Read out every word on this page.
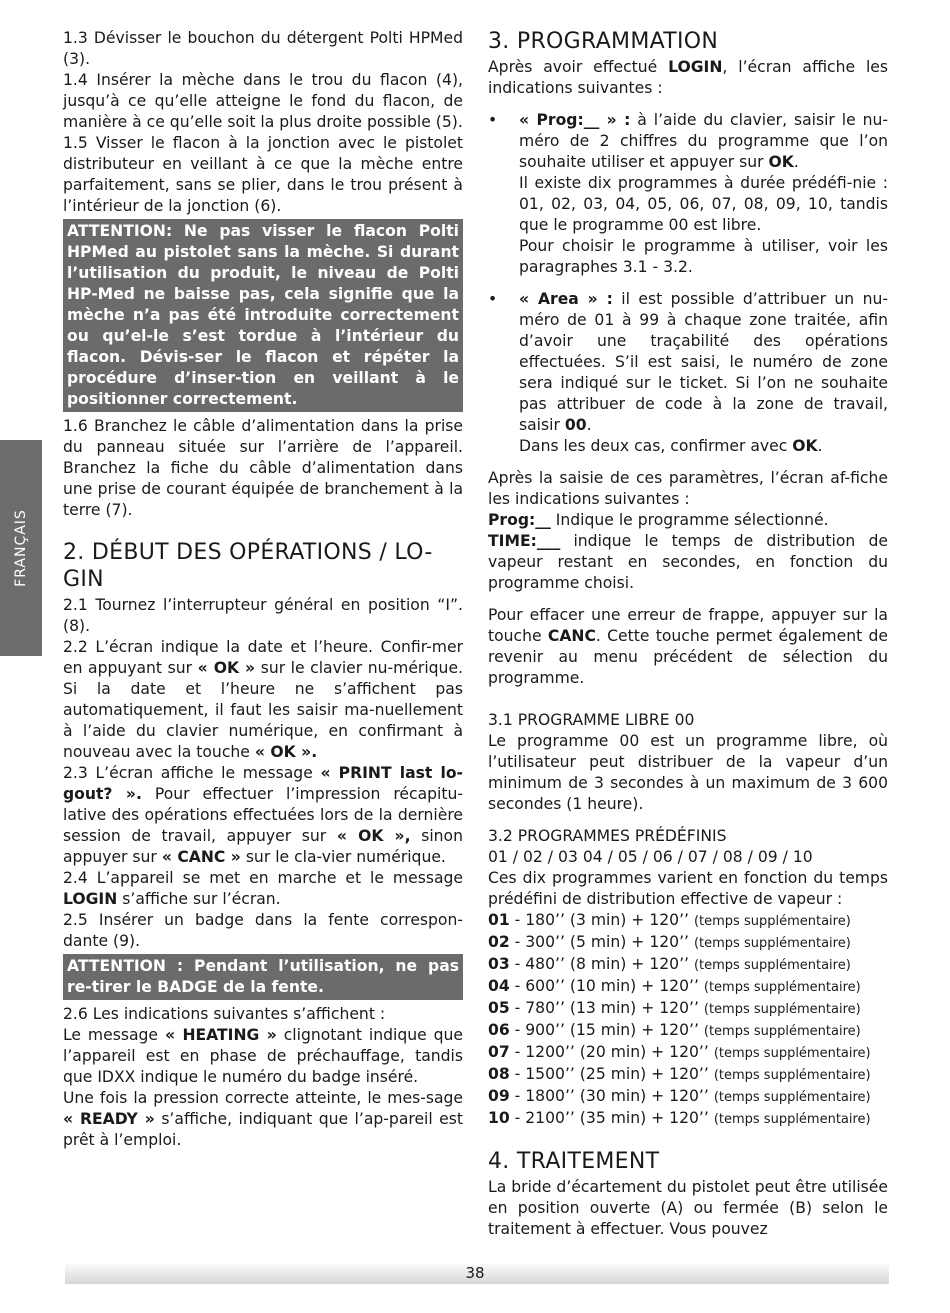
FRANÇAIS

1.3 Dévisser le bouchon du détergent Polti HPMed (3).

1.4 Insérer la mèche dans le trou du flacon (4), jusqu’à ce qu’elle atteigne le fond du flacon, de manière à ce qu’elle soit la plus droite possible (5).

1.5 Visser le flacon à la jonction avec le pistolet distributeur en veillant à ce que la mèche entre parfaitement, sans se plier, dans le trou présent à l’intérieur de la jonction (6).

ATTENTION: Ne pas visser le flacon Polti HPMed au pistolet sans la mèche. Si durant l’utilisation du produit, le niveau de Polti HP-Med ne baisse pas, cela signifie que la mèche n’a pas été introduite correctement ou qu’el-le s’est tordue à l’intérieur du flacon. Dévis-ser le flacon et répéter la procédure d’inser-tion en veillant à le positionner correctement.

1.6 Branchez le câble d’alimentation dans la prise du panneau située sur l’arrière de l’appareil. Branchez la fiche du câble d’alimentation dans une prise de courant équipée de branchement à la terre (7).

2. DÉBUT DES OPÉRATIONS / LO-GIN

2.1 Tournez l’interrupteur général en position “I”. (8).

2.2 L’écran indique la date et l’heure. Confir-mer en appuyant sur « OK » sur le clavier nu-mérique. Si la date et l’heure ne s’affichent pas automatiquement, il faut les saisir ma-nuellement à l’aide du clavier numérique, en confirmant à nouveau avec la touche « OK ».

2.3 L’écran affiche le message « PRINT last lo-gout? ». Pour effectuer l’impression récapitu-lative des opérations effectuées lors de la dernière session de travail, appuyer sur « OK », sinon appuyer sur « CANC » sur le cla-vier numérique.

2.4 L’appareil se met en marche et le message LOGIN s’affiche sur l’écran.

2.5 Insérer un badge dans la fente correspon-dante (9).

ATTENTION : Pendant l’utilisation, ne pas re-tirer le BADGE de la fente.

2.6 Les indications suivantes s’affichent :

Le message « HEATING » clignotant indique que l’appareil est en phase de préchauffage, tandis que IDXX indique le numéro du badge inséré.

Une fois la pression correcte atteinte, le mes-sage « READY » s’affiche, indiquant que l’ap-pareil est prêt à l’emploi.

3. PROGRAMMATION

Après avoir effectué LOGIN, l’écran affiche les indications suivantes :

• « Prog:__ » : à l’aide du clavier, saisir le nu-méro de 2 chiffres du programme que l’on souhaite utiliser et appuyer sur OK.

Il existe dix programmes à durée prédéfi-nie : 01, 02, 03, 04, 05, 06, 07, 08, 09, 10, tandis que le programme 00 est libre.

Pour choisir le programme à utiliser, voir les paragraphes 3.1 - 3.2.

• « Area » : il est possible d’attribuer un nu-méro de 01 à 99 à chaque zone traitée, afin d’avoir une traçabilité des opérations effectuées. S’il est saisi, le numéro de zone sera indiqué sur le ticket. Si l’on ne souhaite pas attribuer de code à la zone de travail, saisir 00.

Dans les deux cas, confirmer avec OK.

Après la saisie de ces paramètres, l’écran af-fiche les indications suivantes :

Prog:__ Indique le programme sélectionné.

TIME:___ indique le temps de distribution de vapeur restant en secondes, en fonction du programme choisi.

Pour effacer une erreur de frappe, appuyer sur la touche CANC. Cette touche permet également de revenir au menu précédent de sélection du programme.

3.1 PROGRAMME LIBRE 00

Le programme 00 est un programme libre, où l’utilisateur peut distribuer de la vapeur d’un minimum de 3 secondes à un maximum de 3 600 secondes (1 heure).

3.2 PROGRAMMES PRÉDÉFINIS
01 / 02 / 03 04 / 05 / 06 / 07 / 08 / 09 / 10

Ces dix programmes varient en fonction du temps prédéfini de distribution effective de vapeur :

01 - 180’’ (3 min) + 120’’ (temps supplémentaire)
02 - 300’’ (5 min) + 120’’ (temps supplémentaire)
03 - 480’’ (8 min) + 120’’ (temps supplémentaire)
04 - 600’’ (10 min) + 120’’ (temps supplémentaire)
05 - 780’’ (13 min) + 120’’ (temps supplémentaire)
06 - 900’’ (15 min) + 120’’ (temps supplémentaire)
07 - 1200’’ (20 min) + 120’’ (temps supplémentaire)
08 - 1500’’ (25 min) + 120’’ (temps supplémentaire)
09 - 1800’’ (30 min) + 120’’ (temps supplémentaire)
10 - 2100’’ (35 min) + 120’’ (temps supplémentaire)
4. TRAITEMENT

La bride d’écartement du pistolet peut être utilisée en position ouverte (A) ou fermée (B) selon le traitement à effectuer. Vous pouvez

38
